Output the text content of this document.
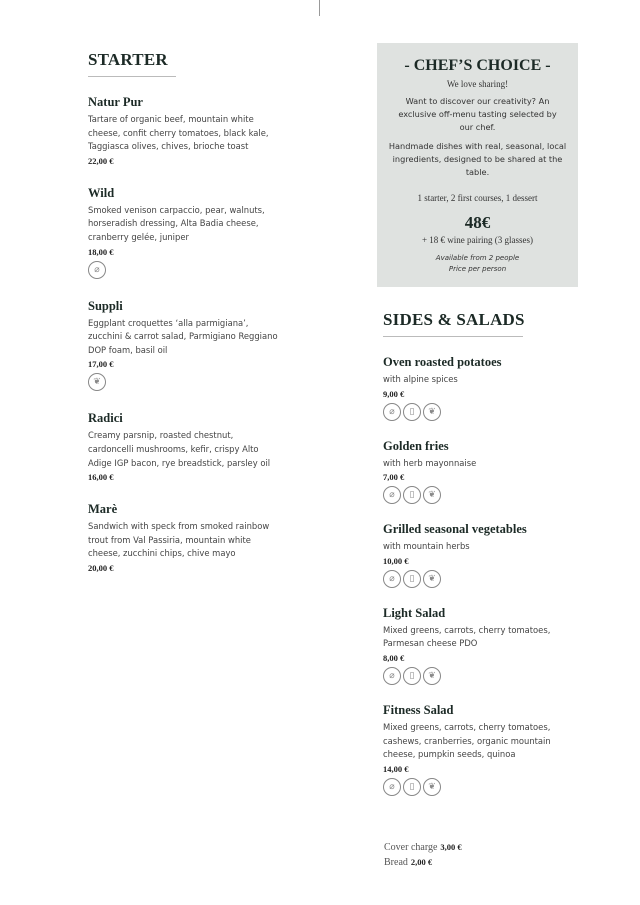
STARTER
Natur Pur
Tartare of organic beef, mountain white cheese, confit cherry tomatoes, black kale, Taggiasca olives, chives, brioche toast
22,00 €
Wild
Smoked venison carpaccio, pear, walnuts, horseradish dressing, Alta Badia cheese, cranberry gelée, juniper
18,00 €
⌀
Suppli
Eggplant croquettes ‘alla parmigiana’, zucchini & carrot salad, Parmigiano Reggiano DOP foam, basil oil
17,00 €
❦
Radici
Creamy parsnip, roasted chestnut, cardoncelli mushrooms, kefir, crispy Alto Adige IGP bacon, rye breadstick, parsley oil
16,00 €
Marè
Sandwich with speck from smoked rainbow trout from Val Passiria, mountain white cheese, zucchini chips, chive mayo
20,00 €
- CHEF’S CHOICE -
We love sharing!

Want to discover our creativity? An exclusive off-menu tasting selected by our chef.

Handmade dishes with real, seasonal, local ingredients, designed to be shared at the table.

1 starter, 2 first courses, 1 dessert
48€
+ 18 € wine pairing (3 glasses)
Available from 2 people
Price per person
SIDES & SALADS
Oven roasted potatoes
with alpine spices
9,00 €
⌀	▯	❦
Golden fries
with herb mayonnaise
7,00 €
⌀	▯	❦
Grilled seasonal vegetables
with mountain herbs
10,00 €
⌀	▯	❦
Light Salad
Mixed greens, carrots, cherry tomatoes, Parmesan cheese PDO
8,00 €
⌀	▯	❦
Fitness Salad
Mixed greens, carrots, cherry tomatoes, cashews, cranberries, organic mountain cheese, pumpkin seeds, quinoa
14,00 €
⌀	▯	❦
Cover charge 3,00 €
Bread 2,00 €
